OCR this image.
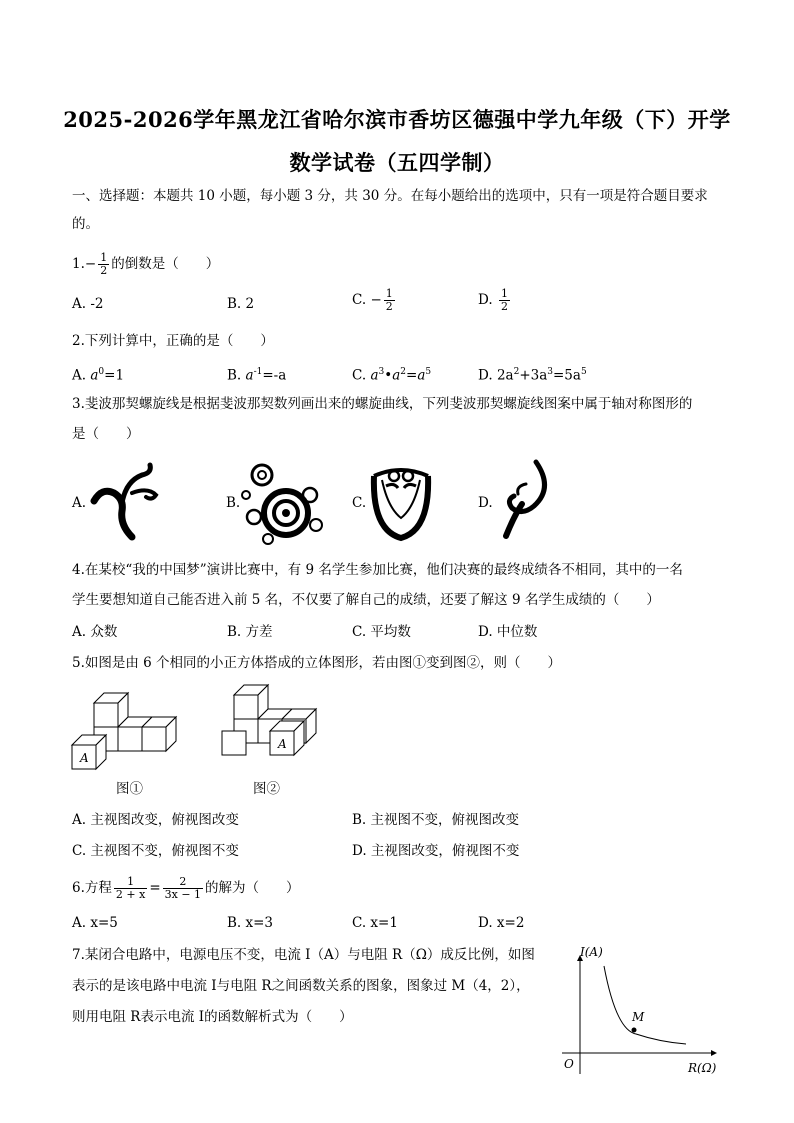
2025-2026学年黑龙江省哈尔滨市香坊区德强中学九年级（下）开学
数学试卷（五四学制）
一、选择题：本题共 10 小题，每小题 3 分，共 30 分。在每小题给出的选项中，只有一项是符合题目要求
的。
$1.- \frac{1}{2}$ 的倒数是（　　）
A. -2	B. 2	C. − $\frac{1}{2}$	D. $\frac{1}{2}$
2.下列计算中，正确的是（　　）
A. $a^0=1$	B. $a^{-1}=-a$	C. $a^3•a^2=a^5$	D. $2a^2+3a^3=5a^5$
3.斐波那契螺旋线是根据斐波那契数列画出来的螺旋曲线，下列斐波那契螺旋线图案中属于轴对称图形的
是（　　）
A.	B.	C.	D.
4.在某校“我的中国梦”演讲比赛中，有 9 名学生参加比赛，他们决赛的最终成绩各不相同，其中的一名
学生要想知道自己能否进入前 5 名，不仅要了解自己的成绩，还要了解这 9 名学生成绩的（　　）
A. 众数	B. 方差	C. 平均数	D. 中位数
5.如图是由 6 个相同的小正方体搭成的立体图形，若由图①变到图②，则（　　）
A
图①
A
图②
A. 主视图改变，俯视图改变	B. 主视图不变，俯视图改变
C. 主视图不变，俯视图不变	D. 主视图改变，俯视图不变
6.方程 $\frac{1}{2 + x} = \frac{2}{3x - 1}$ 的解为（　　）
A. x=5	B. x=3	C. x=1	D. x=2
7.某闭合电路中，电源电压不变，电流 I（A）与电阻 R（Ω）成反比例，如图
表示的是该电路中电流 I与电阻 R之间函数关系的图象，图象过 M（4，2），
则用电阻 R表示电流 I的函数解析式为（　　）
I(A)
O
M
R(Ω)
